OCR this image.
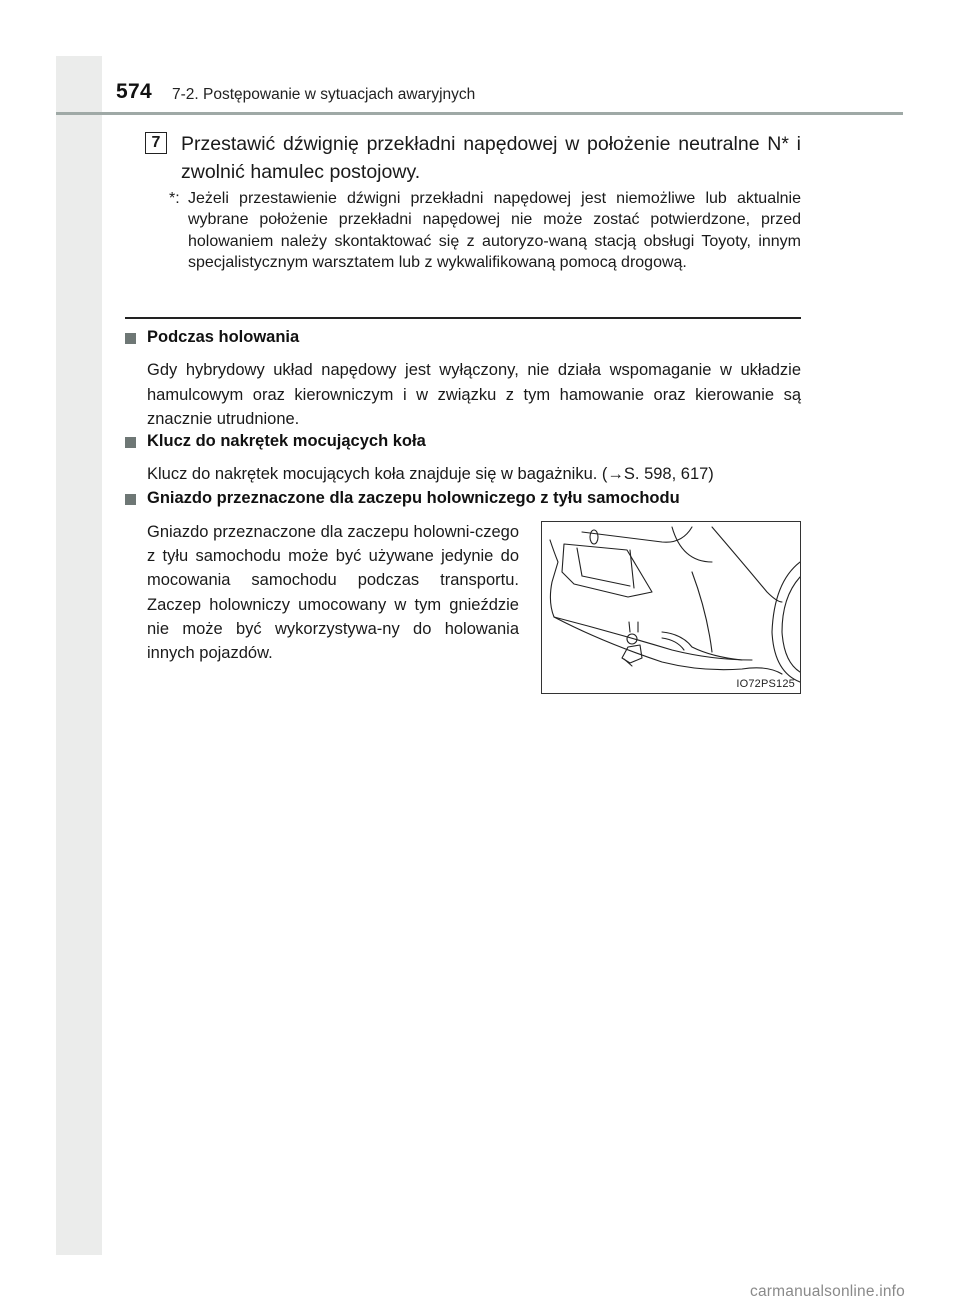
574 7-2. Postępowanie w sytuacjach awaryjnych
7	Przestawić dźwignię przekładni napędowej w położenie neutralne N* i zwolnić hamulec postojowy.
*: Jeżeli przestawienie dźwigni przekładni napędowej jest niemożliwe lub aktualnie wybrane położenie przekładni napędowej nie może zostać potwierdzone, przed holowaniem należy skontaktować się z autoryzo-waną stacją obsługi Toyoty, innym specjalistycznym warsztatem lub z wykwalifikowaną pomocą drogową.
Podczas holowania
Gdy hybrydowy układ napędowy jest wyłączony, nie działa wspomaganie w układzie hamulcowym oraz kierowniczym i w związku z tym hamowanie oraz kierowanie są znacznie utrudnione.
Klucz do nakrętek mocujących koła
Klucz do nakrętek mocujących koła znajduje się w bagażniku. (→S. 598, 617)
Gniazdo przeznaczone dla zaczepu holowniczego z tyłu samochodu
Gniazdo przeznaczone dla zaczepu holowni-czego z tyłu samochodu może być używane jedynie do mocowania samochodu podczas transportu. Zaczep holowniczy umocowany w tym gnieździe nie może być wykorzystywa-ny do holowania innych pojazdów.
IO72PS125
carmanualsonline.info
